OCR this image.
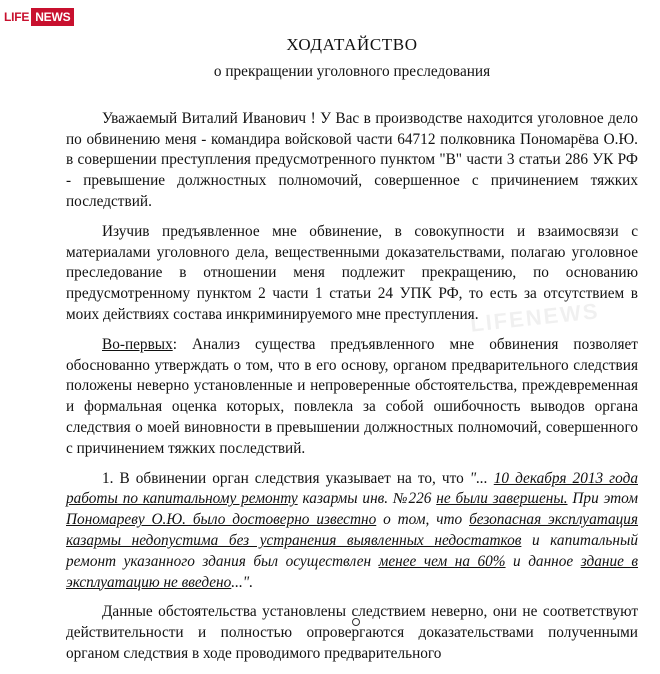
LIFE NEWS
LIFENEWS
ХОДАТАЙСТВО
о прекращении уголовного преследования

Уважаемый Виталий Иванович ! У Вас в производстве находится уголовное дело по обвинению меня - командира войсковой части 64712 полковника Пономарёва О.Ю. в совершении преступления предусмотренного пунктом "В" части 3 статьи 286 УК РФ - превышение должностных полномочий, совершенное с причинением тяжких последствий.

Изучив предъявленное мне обвинение, в совокупности и взаимосвязи с материалами уголовного дела, вещественными доказательствами, полагаю уголовное преследование в отношении меня подлежит прекращению, по основанию предусмотренному пунктом 2 части 1 статьи 24 УПК РФ, то есть за отсутствием в моих действиях состава инкриминируемого мне преступления.

Во-первых: Анализ существа предъявленного мне обвинения позволяет обоснованно утверждать о том, что в его основу, органом предварительного следствия положены неверно установленные и непроверенные обстоятельства, преждевременная и формальная оценка которых, повлекла за собой ошибочность выводов органа следствия о моей виновности в превышении должностных полномочий, совершенного с причинением тяжких последствий.

1. В обвинении орган следствия указывает на то, что "... 10 декабря 2013 года работы по капитальному ремонту казармы инв. №226 не были завершены. При этом Пономареву О.Ю. было достоверно известно о том, что безопасная эксплуатация казармы недопустима без устранения выявленных недостатков и капитальный ремонт указанного здания был осуществлен менее чем на 60% и данное здание в эксплуатацию не введено...".

Данные обстоятельства установлены следствием неверно, они не соответствуют действительности и полностью опровергаются доказательствами полученными органом следствия в ходе проводимого предварительного
